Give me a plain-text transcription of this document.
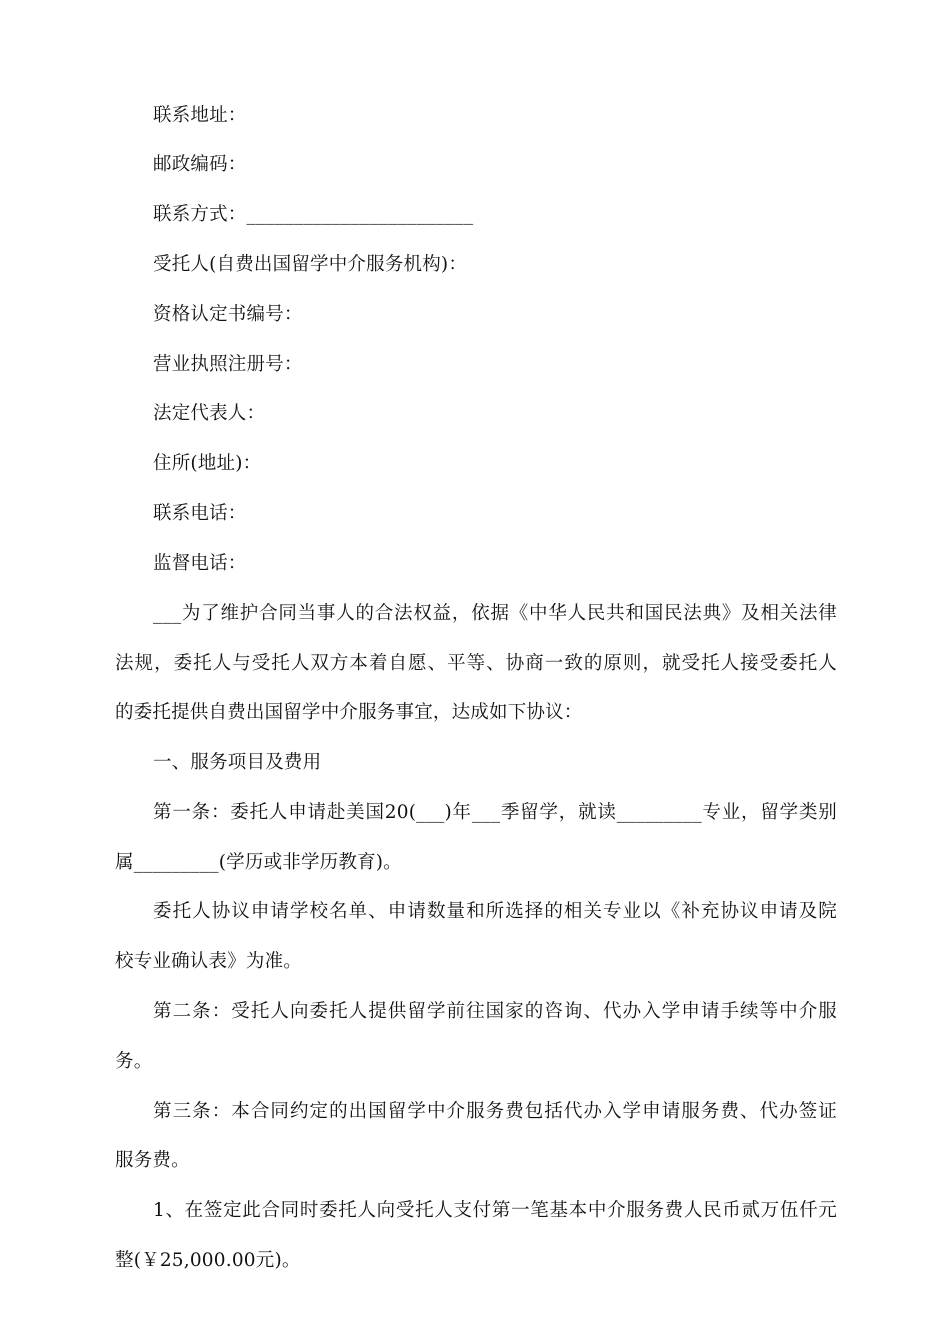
联系地址：
邮政编码：
联系方式：________________________
受托人(自费出国留学中介服务机构)：
资格认定书编号：
营业执照注册号：
法定代表人：
住所(地址)：
联系电话：
监督电话：
___为了维护合同当事人的合法权益，依据《中华人民共和国民法典》及相关法律
法规，委托人与受托人双方本着自愿、平等、协商一致的原则，就受托人接受委托人
的委托提供自费出国留学中介服务事宜，达成如下协议：
一、服务项目及费用
第一条：委托人申请赴美国20(___)年___季留学，就读_________专业，留学类别
属_________(学历或非学历教育)。
委托人协议申请学校名单、申请数量和所选择的相关专业以《补充协议申请及院
校专业确认表》为准。
第二条：受托人向委托人提供留学前往国家的咨询、代办入学申请手续等中介服
务。
第三条：本合同约定的出国留学中介服务费包括代办入学申请服务费、代办签证
服务费。
1、在签定此合同时委托人向受托人支付第一笔基本中介服务费人民币贰万伍仟元
整(￥25,000.00元)。
